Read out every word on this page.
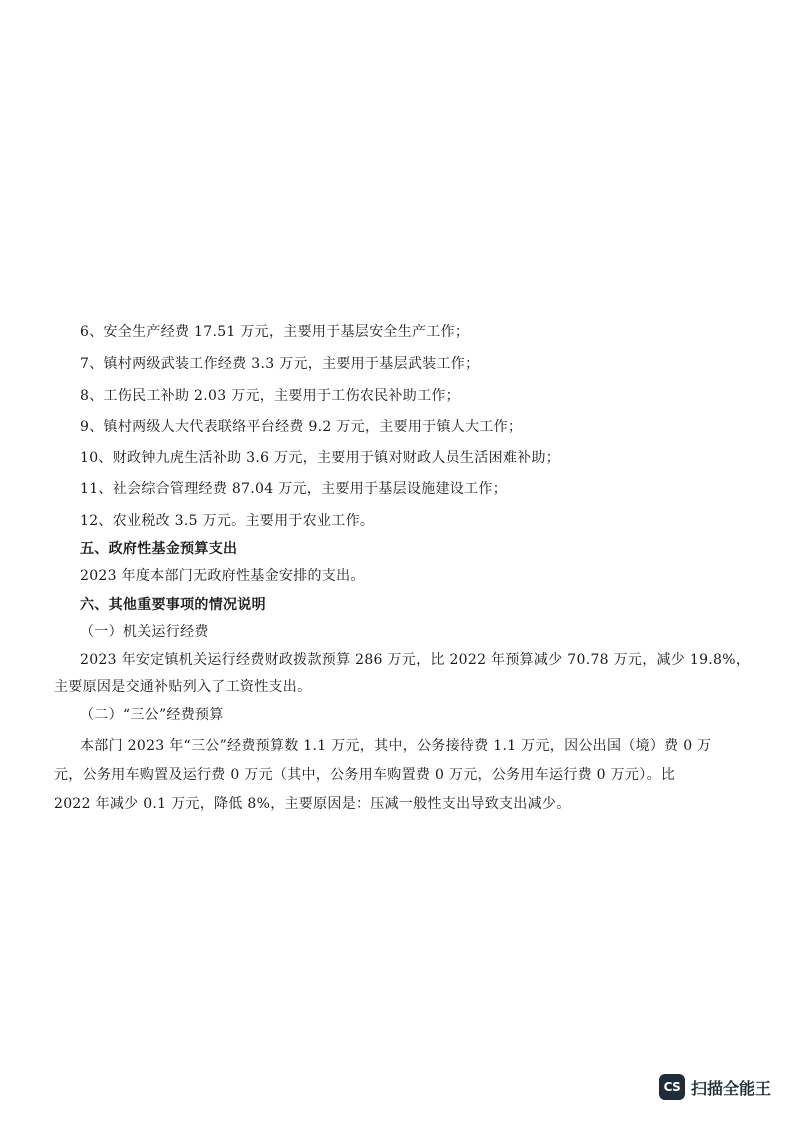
6、安全生产经费 17.51 万元，主要用于基层安全生产工作；
7、镇村两级武装工作经费 3.3 万元，主要用于基层武装工作；
8、工伤民工补助 2.03 万元，主要用于工伤农民补助工作；
9、镇村两级人大代表联络平台经费 9.2 万元，主要用于镇人大工作；
10、财政钟九虎生活补助 3.6 万元，主要用于镇对财政人员生活困难补助；
11、社会综合管理经费 87.04 万元，主要用于基层设施建设工作；
12、农业税改 3.5 万元。主要用于农业工作。
五、政府性基金预算支出
2023 年度本部门无政府性基金安排的支出。
六、其他重要事项的情况说明
（一）机关运行经费
2023 年安定镇机关运行经费财政拨款预算 286 万元，比 2022 年预算减少 70.78 万元，减少 19.8%，
主要原因是交通补贴列入了工资性支出。
（二）“三公”经费预算
本部门 2023 年“三公”经费预算数 1.1 万元，其中，公务接待费 1.1 万元，因公出国（境）费 0 万
元，公务用车购置及运行费 0 万元（其中，公务用车购置费 0 万元，公务用车运行费 0 万元）。比
2022 年减少 0.1 万元，降低 8%，主要原因是：压减一般性支出导致支出减少。
CS 扫描全能王
